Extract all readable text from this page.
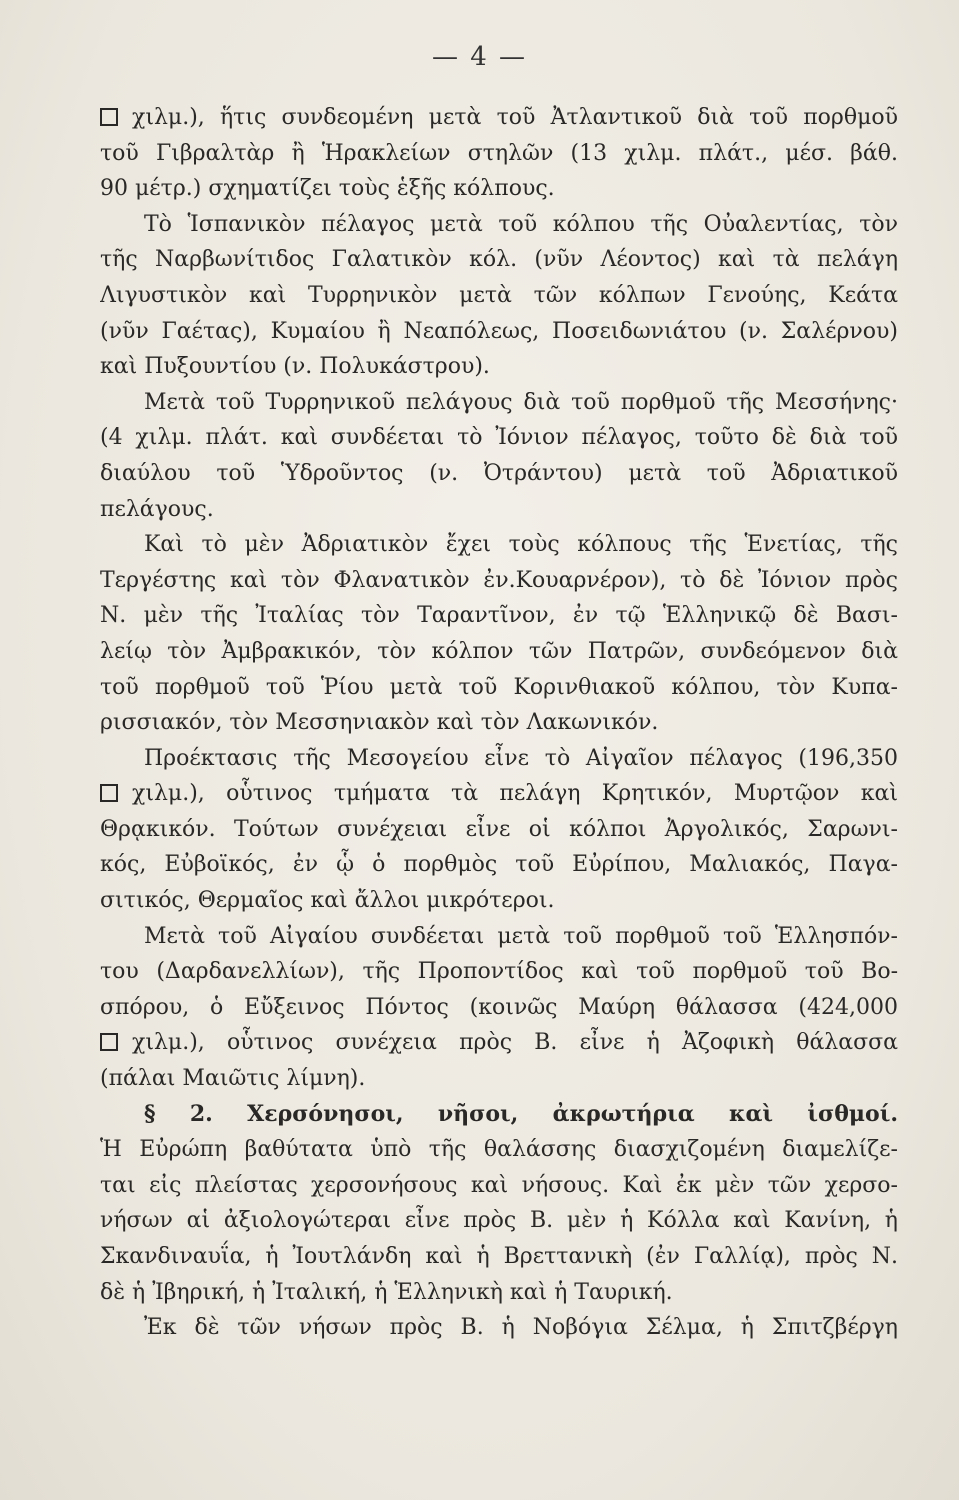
— 4 —
χιλμ.), ἥτις συνδεομένη μετὰ τοῦ Ἀτλαντικοῦ διὰ τοῦ πορθμοῦ
τοῦ Γιβραλτὰρ ἢ Ἡρακλείων στηλῶν (13 χιλμ. πλάτ., μέσ. βάθ.
90 μέτρ.) σχηματίζει τοὺς ἑξῆς κόλπους.
Τὸ Ἱσπανικὸν πέλαγος μετὰ τοῦ κόλπου τῆς Οὐαλεντίας, τὸν
τῆς Ναρβωνίτιδος Γαλατικὸν κόλ. (νῦν Λέοντος) καὶ τὰ πελάγη
Λιγυστικὸν καὶ Τυρρηνικὸν μετὰ τῶν κόλπων Γενούης, Κεάτα
(νῦν Γαέτας), Κυμαίου ἢ Νεαπόλεως, Ποσειδωνιάτου (ν. Σαλέρνου)
καὶ Πυξουντίου (ν. Πολυκάστρου).
Μετὰ τοῦ Τυρρηνικοῦ πελάγους διὰ τοῦ πορθμοῦ τῆς Μεσσήνης·
(4 χιλμ. πλάτ. καὶ συνδέεται τὸ Ἰόνιον πέλαγος, τοῦτο δὲ διὰ τοῦ
διαύλου τοῦ Ὑδροῦντος (ν. Ὀτράντου) μετὰ τοῦ Ἀδριατικοῦ
πελάγους.
Καὶ τὸ μὲν Ἀδριατικὸν ἔχει τοὺς κόλπους τῆς Ἑνετίας, τῆς
Τεργέστης καὶ τὸν Φλανατικὸν ἐν.Κουαρνέρον), τὸ δὲ Ἰόνιον πρὸς
Ν. μὲν τῆς Ἰταλίας τὸν Ταραντῖνον, ἐν τῷ Ἑλληνικῷ δὲ Βασι-
λείῳ τὸν Ἀμβρακικόν, τὸν κόλπον τῶν Πατρῶν, συνδεόμενον διὰ
τοῦ πορθμοῦ τοῦ Ῥίου μετὰ τοῦ Κορινθιακοῦ κόλπου, τὸν Κυπα-
ρισσιακόν, τὸν Μεσσηνιακὸν καὶ τὸν Λακωνικόν.
Προέκτασις τῆς Μεσογείου εἶνε τὸ Αἰγαῖον πέλαγος (196,350
χιλμ.), οὗτινος τμήματα τὰ πελάγη Κρητικόν, Μυρτῷον καὶ
Θρᾳκικόν. Τούτων συνέχειαι εἶνε οἱ κόλποι Ἀργολικός, Σαρωνι-
κός, Εὐβοϊκός, ἐν ᾧ ὁ πορθμὸς τοῦ Εὐρίπου, Μαλιακός, Παγα-
σιτικός, Θερμαῖος καὶ ἄλλοι μικρότεροι.
Μετὰ τοῦ Αἰγαίου συνδέεται μετὰ τοῦ πορθμοῦ τοῦ Ἑλλησπόν-
του (Δαρδανελλίων), τῆς Προποντίδος καὶ τοῦ πορθμοῦ τοῦ Βο-
σπόρου, ὁ Εὔξεινος Πόντος (κοινῶς Μαύρη θάλασσα (424,000
χιλμ.), οὗτινος συνέχεια πρὸς Β. εἶνε ἡ Ἀζοφικὴ θάλασσα
(πάλαι Μαιῶτις λίμνη).
§ 2. Χερσόνησοι, νῆσοι, ἀκρωτήρια καὶ ἰσθμοί.
Ἡ Εὐρώπη βαθύτατα ὑπὸ τῆς θαλάσσης διασχιζομένη διαμελίζε-
ται εἰς πλείστας χερσονήσους καὶ νήσους. Καὶ ἐκ μὲν τῶν χερσο-
νήσων αἱ ἀξιολογώτεραι εἶνε πρὸς Β. μὲν ἡ Κόλλα καὶ Κανίνη, ἡ
Σκανδιναυΐα, ἡ Ἰουτλάνδη καὶ ἡ Βρεττανικὴ (ἐν Γαλλίᾳ), πρὸς Ν.
δὲ ἡ Ἰβηρική, ἡ Ἰταλική, ἡ Ἑλληνικὴ καὶ ἡ Ταυρική.
Ἐκ δὲ τῶν νήσων πρὸς Β. ἡ Νοβόγια Σέλμα, ἡ Σπιτζβέργη
